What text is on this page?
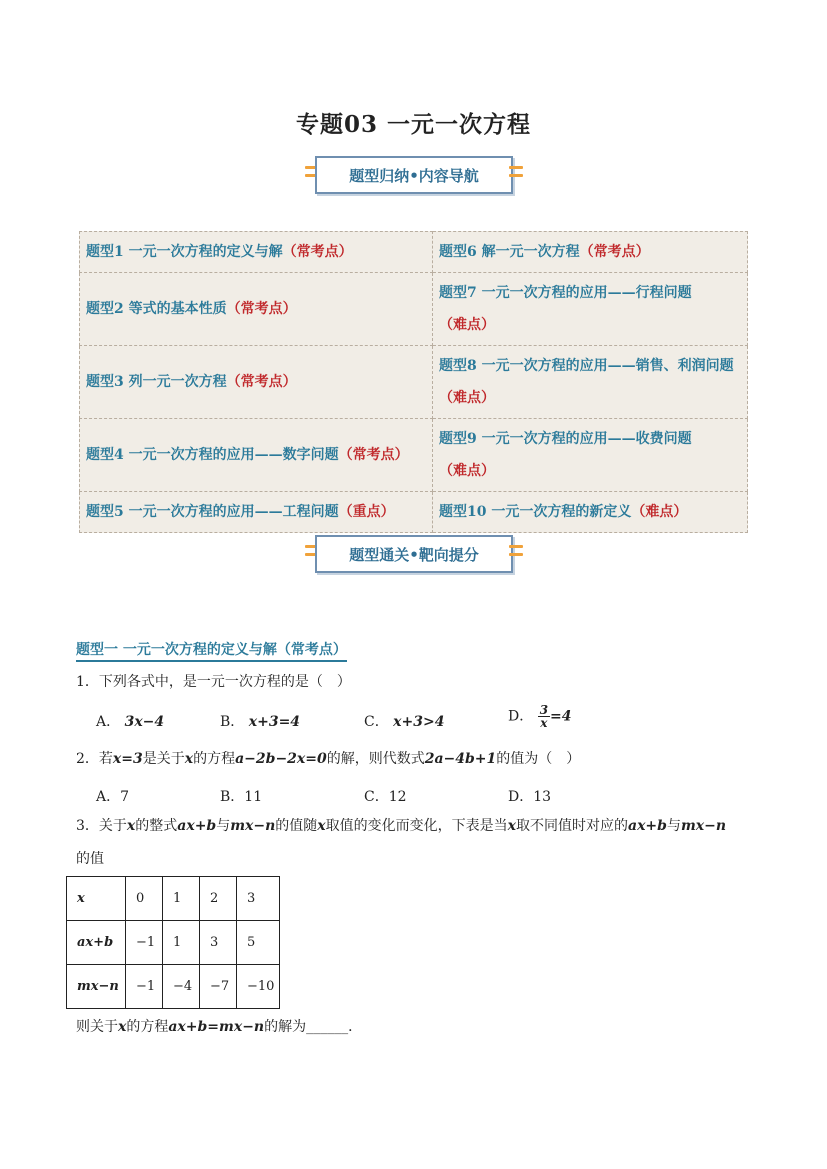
专题03 一元一次方程
题型归纳•内容导航
题型1 一元一次方程的定义与解（常考点）	题型6 解一元一次方程（常考点）
题型2 等式的基本性质（常考点）	题型7 一元一次方程的应用——行程问题（难点）
题型3 列一元一次方程（常考点）	题型8 一元一次方程的应用——销售、利润问题（难点）
题型4 一元一次方程的应用——数字问题（常考点）	题型9 一元一次方程的应用——收费问题（难点）
题型5 一元一次方程的应用——工程问题（重点）	题型10 一元一次方程的新定义（难点）
题型通关•靶向提分
题型一 一元一次方程的定义与解（常考点）
1．下列各式中，是一元一次方程的是（　）
A． 3x−4	B． x+3=4	C． x+3>4	D． $\frac{3}{x} =4$
2．若x=3是关于x的方程a−2b−2x=0的解，则代数式2a−4b+1的值为（　）
A．7	B．11	C．12	D．13
3．关于x的整式ax+b与mx−n的值随x取值的变化而变化，下表是当x取不同值时对应的ax+b与mx−n
的值
x	0	1	2	3
ax+b	−1	1	3	5
mx−n	−1	−4	−7	−10
则关于x的方程ax+b=mx−n的解为______．
